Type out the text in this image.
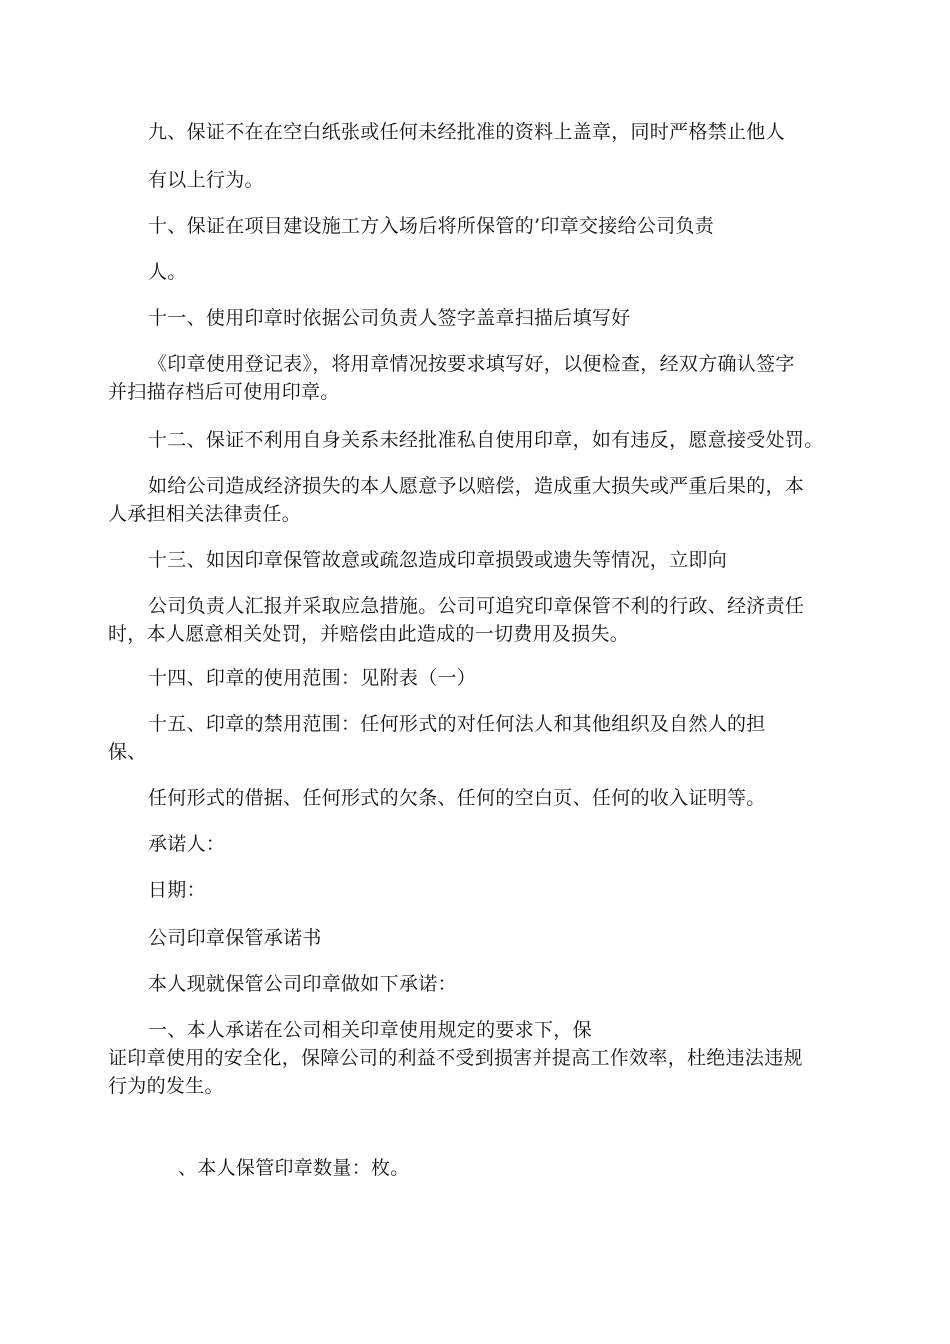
九、保证不在在空白纸张或任何未经批准的资料上盖章，同时严格禁止他人
有以上行为。
十、保证在项目建设施工方入场后将所保管的’印章交接给公司负责
人。
十一、使用印章时依据公司负责人签字盖章扫描后填写好
《印章使用登记表》，将用章情况按要求填写好，以便检查，经双方确认签字
并扫描存档后可使用印章。
十二、保证不利用自身关系未经批准私自使用印章，如有违反，愿意接受处罚。
如给公司造成经济损失的本人愿意予以赔偿，造成重大损失或严重后果的，本
人承担相关法律责任。
十三、如因印章保管故意或疏忽造成印章损毁或遗失等情况，立即向
公司负责人汇报并采取应急措施。公司可追究印章保管不利的行政、经济责任
时，本人愿意相关处罚，并赔偿由此造成的一切费用及损失。
十四、印章的使用范围：见附表（一）
十五、印章的禁用范围：任何形式的对任何法人和其他组织及自然人的担
保、
任何形式的借据、任何形式的欠条、任何的空白页、任何的收入证明等。
承诺人：
日期：
公司印章保管承诺书
本人现就保管公司印章做如下承诺：
一、本人承诺在公司相关印章使用规定的要求下，保
证印章使用的安全化，保障公司的利益不受到损害并提高工作效率，杜绝违法违规
行为的发生。
、本人保管印章数量：枚。
